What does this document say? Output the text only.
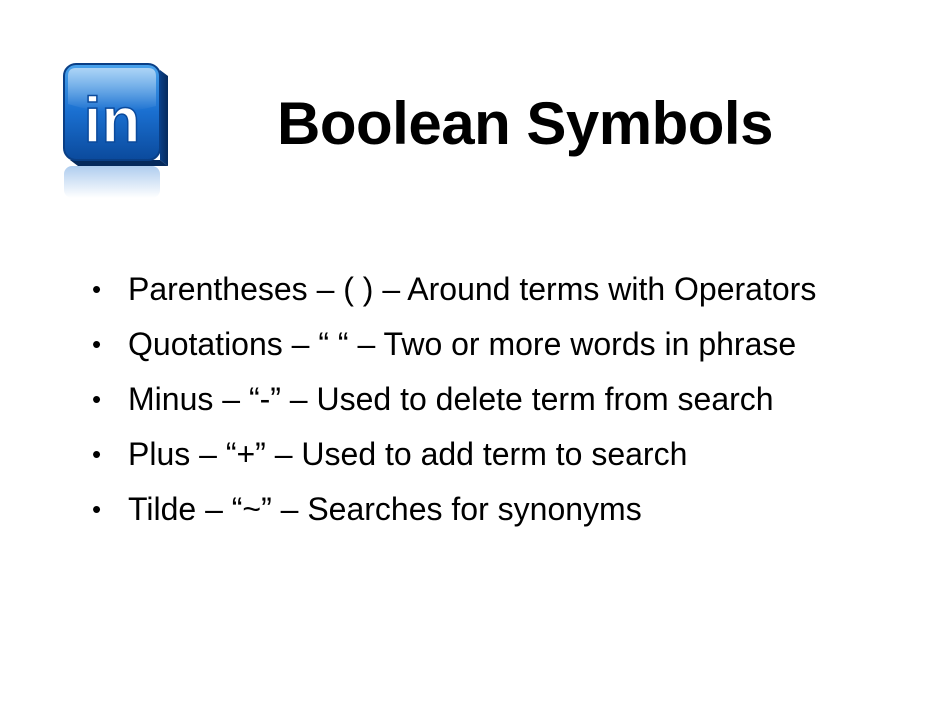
in	Boolean Symbols
• Parentheses – ( ) – Around terms with Operators
• Quotations – “ “ – Two or more words in phrase
• Minus – “-” – Used to delete term from search
• Plus – “+” – Used to add term to search
• Tilde – “~” – Searches for synonyms
